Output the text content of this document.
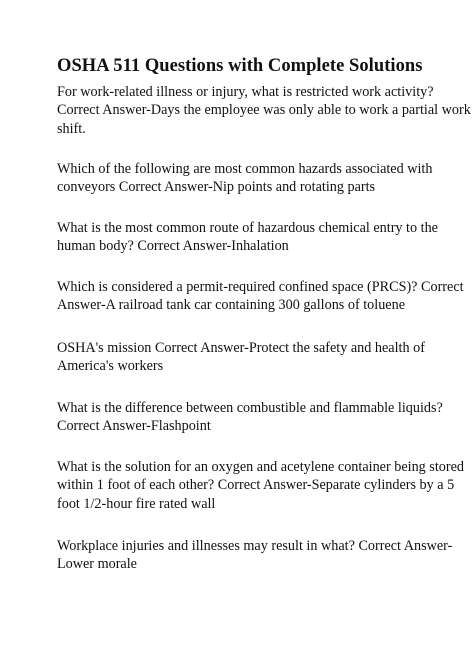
OSHA 511 Questions with Complete Solutions

For work-related illness or injury, what is restricted work activity?
Correct Answer-Days the employee was only able to work a partial work
shift.

Which of the following are most common hazards associated with
conveyors Correct Answer-Nip points and rotating parts

What is the most common route of hazardous chemical entry to the
human body? Correct Answer-Inhalation

Which is considered a permit-required confined space (PRCS)? Correct
Answer-A railroad tank car containing 300 gallons of toluene

OSHA's mission Correct Answer-Protect the safety and health of
America's workers

What is the difference between combustible and flammable liquids?
Correct Answer-Flashpoint

What is the solution for an oxygen and acetylene container being stored
within 1 foot of each other? Correct Answer-Separate cylinders by a 5
foot 1/2-hour fire rated wall

Workplace injuries and illnesses may result in what? Correct Answer-
Lower morale
